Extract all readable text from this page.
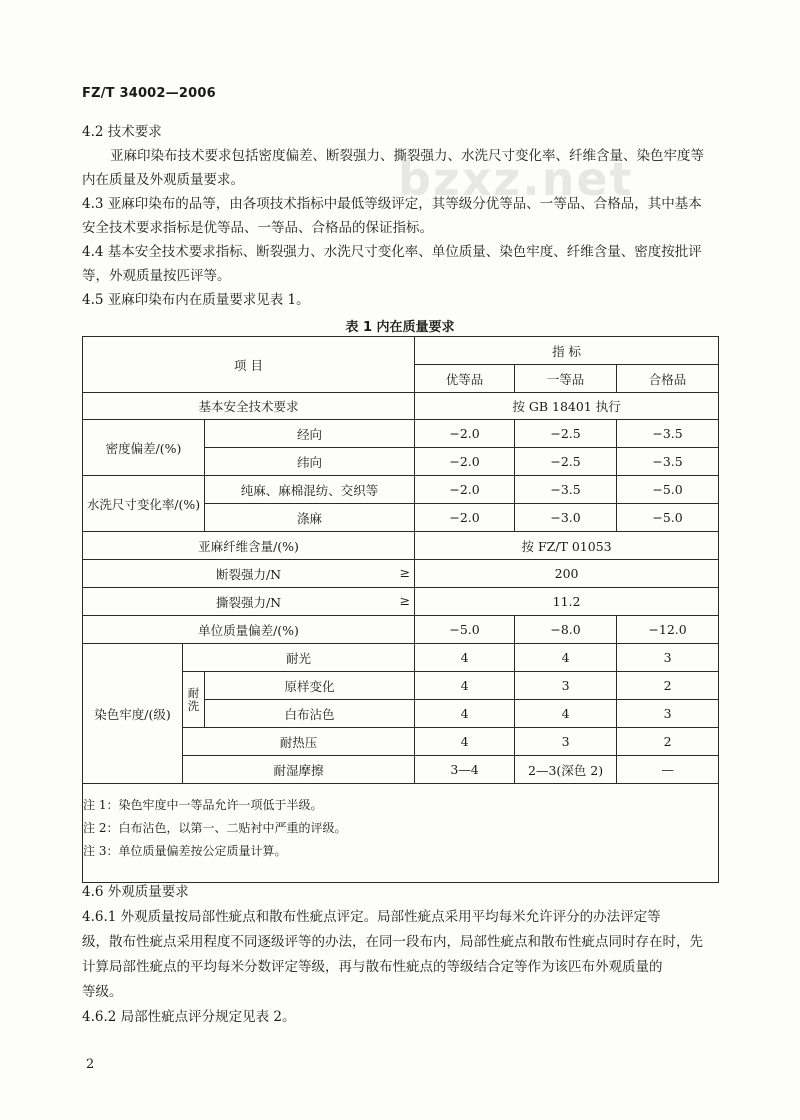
FZ/T 34002—2006
bzxz.net
4.2 技术要求
亚麻印染布技术要求包括密度偏差、断裂强力、撕裂强力、水洗尺寸变化率、纤维含量、染色牢度等
内在质量及外观质量要求。
4.3 亚麻印染布的品等，由各项技术指标中最低等级评定，其等级分优等品、一等品、合格品，其中基本
安全技术要求指标是优等品、一等品、合格品的保证指标。
4.4 基本安全技术要求指标、断裂强力、水洗尺寸变化率、单位质量、染色牢度、纤维含量、密度按批评
等，外观质量按匹评等。
4.5 亚麻印染布内在质量要求见表 1。
表 1 内在质量要求
项 目			指 标		
			优等品	一等品	合格品
基本安全技术要求			按 GB 18401 执行		
密度偏差/(%)		经向	−2.0	−2.5	−3.5
		纬向	−2.0	−2.5	−3.5
水洗尺寸变化率/(%)		纯麻、麻棉混纺、交织等	−2.0	−3.5	−5.0
		涤麻	−2.0	−3.0	−5.0
亚麻纤维含量/(%)			按 FZ/T 01053		
断裂强力/N ≥			200		
撕裂强力/N ≥			11.2		
单位质量偏差/(%)			−5.0	−8.0	−12.0
染色牢度/(级)	耐光		4	4	3
	耐洗	原样变化	4	3	2
		白布沾色	4	4	3
	耐热压		4	3	2
	耐湿摩擦		3—4	2—3(深色 2)	—

注 1：染色牢度中一等品允许一项低于半级。
注 2：白布沾色，以第一、二贴衬中严重的评级。
注 3：单位质量偏差按公定质量计算。					
4.6 外观质量要求
4.6.1 外观质量按局部性疵点和散布性疵点评定。局部性疵点采用平均每米允许评分的办法评定等
级，散布性疵点采用程度不同逐级评等的办法，在同一段布内，局部性疵点和散布性疵点同时存在时，先
计算局部性疵点的平均每米分数评定等级，再与散布性疵点的等级结合定等作为该匹布外观质量的
等级。
4.6.2 局部性疵点评分规定见表 2。
2
